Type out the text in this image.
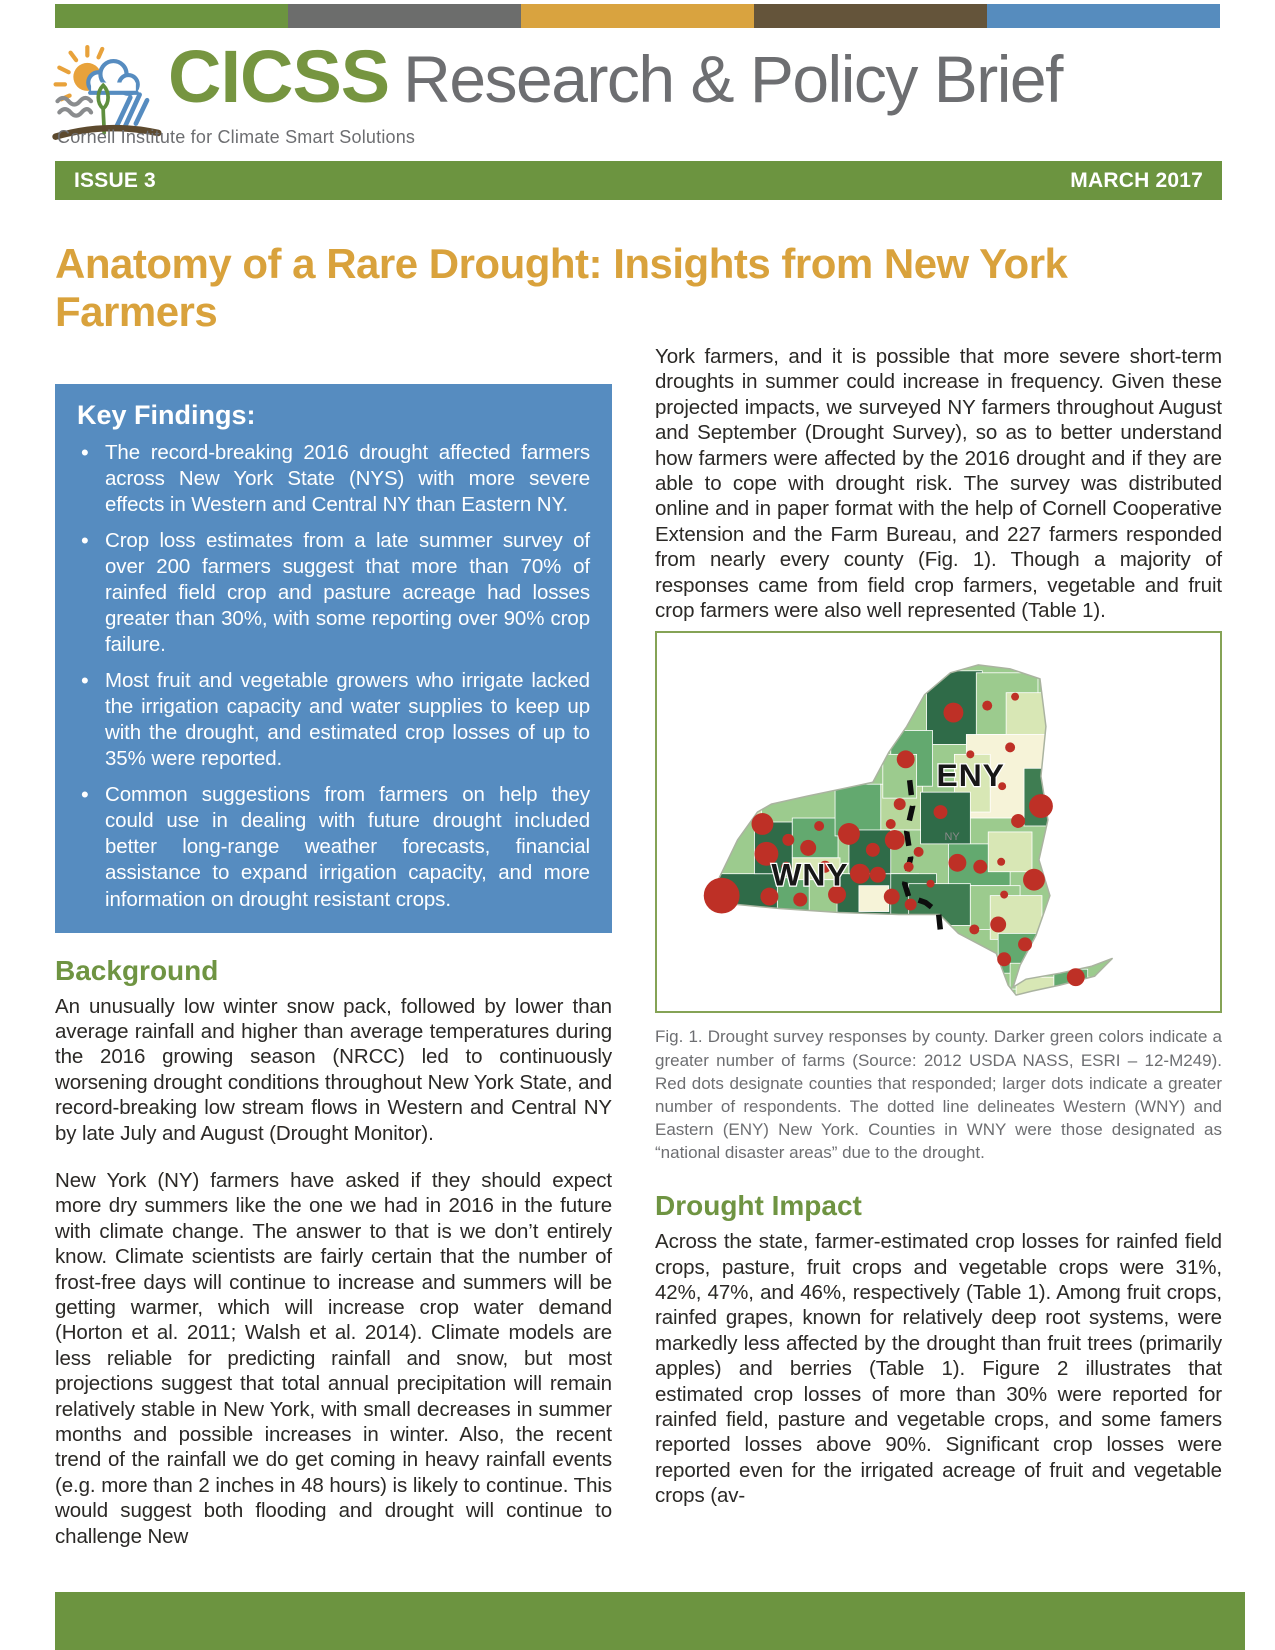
CICSS Research & Policy Brief
Cornell Institute for Climate Smart Solutions
ISSUE 3	MARCH 2017
Anatomy of a Rare Drought: Insights from New York Farmers
Key Findings:
• The record-breaking 2016 drought affected farmers across New York State (NYS) with more severe effects in Western and Central NY than Eastern NY.
• Crop loss estimates from a late summer survey of over 200 farmers suggest that more than 70% of rainfed field crop and pasture acreage had losses greater than 30%, with some reporting over 90% crop failure.
• Most fruit and vegetable growers who irrigate lacked the irrigation capacity and water supplies to keep up with the drought, and estimated crop losses of up to 35% were reported.
• Common suggestions from farmers on help they could use in dealing with future drought included better long-range weather forecasts, financial assistance to expand irrigation capacity, and more information on drought resistant crops.
Background

An unusually low winter snow pack, followed by lower than average rainfall and higher than average temperatures during the 2016 growing season (NRCC) led to continuously worsening drought conditions throughout New York State, and record-breaking low stream flows in Western and Central NY by late July and August (Drought Monitor).

New York (NY) farmers have asked if they should expect more dry summers like the one we had in 2016 in the future with climate change. The answer to that is we don’t entirely know. Climate scientists are fairly certain that the number of frost-free days will continue to increase and summers will be getting warmer, which will increase crop water demand (Horton et al. 2011; Walsh et al. 2014). Climate models are less reliable for predicting rainfall and snow, but most projections suggest that total annual precipitation will remain relatively stable in New York, with small decreases in summer months and possible increases in winter. Also, the recent trend of the rainfall we do get coming in heavy rainfall events (e.g. more than 2 inches in 48 hours) is likely to continue. This would suggest both flooding and drought will continue to challenge New

York farmers, and it is possible that more severe short-term droughts in summer could increase in frequency. Given these projected impacts, we surveyed NY farmers throughout August and September (Drought Survey), so as to better understand how farmers were affected by the 2016 drought and if they are able to cope with drought risk. The survey was distributed online and in paper format with the help of Cornell Cooperative Extension and the Farm Bureau, and 227 farmers responded from nearly every county (Fig. 1). Though a majority of responses came from field crop farmers, vegetable and fruit crop farmers were also well represented (Table 1).

NY
ENY
WNY
Fig. 1. Drought survey responses by county. Darker green colors indicate a greater number of farms (Source: 2012 USDA NASS, ESRI – 12-M249). Red dots designate counties that responded; larger dots indicate a greater number of respondents. The dotted line delineates Western (WNY) and Eastern (ENY) New York. Counties in WNY were those designated as “national disaster areas” due to the drought.
Drought Impact

Across the state, farmer-estimated crop losses for rainfed field crops, pasture, fruit crops and vegetable crops were 31%, 42%, 47%, and 46%, respectively (Table 1). Among fruit crops, rainfed grapes, known for relatively deep root systems, were markedly less affected by the drought than fruit trees (primarily apples) and berries (Table 1). Figure 2 illustrates that estimated crop losses of more than 30% were reported for rainfed field, pasture and vegetable crops, and some famers reported losses above 90%. Significant crop losses were reported even for the irrigated acreage of fruit and vegetable crops (av-
